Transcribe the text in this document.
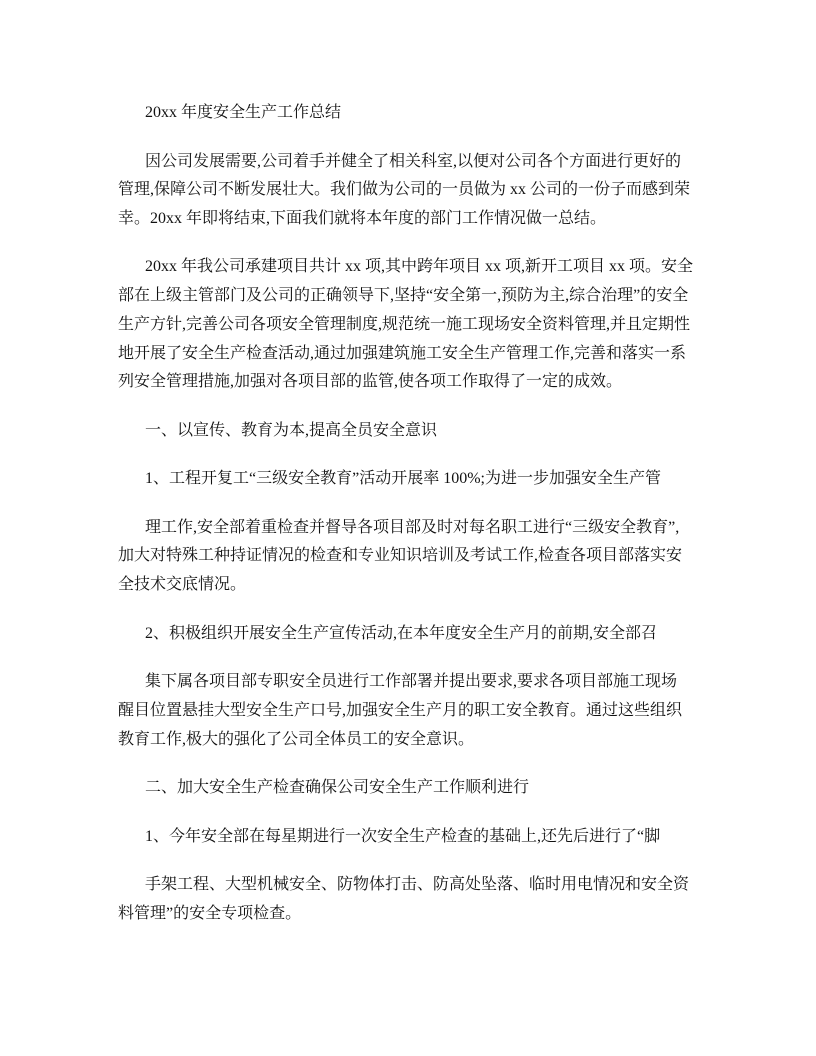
20xx 年度安全生产工作总结
因公司发展需要,公司着手并健全了相关科室,以便对公司各个方面进行更好的
管理,保障公司不断发展壮大。我们做为公司的一员做为 xx 公司的一份子而感到荣
幸。20xx 年即将结束,下面我们就将本年度的部门工作情况做一总结。
20xx 年我公司承建项目共计 xx 项,其中跨年项目 xx 项,新开工项目 xx 项。安全
部在上级主管部门及公司的正确领导下,坚持“安全第一,预防为主,综合治理”的安全
生产方针,完善公司各项安全管理制度,规范统一施工现场安全资料管理,并且定期性
地开展了安全生产检查活动,通过加强建筑施工安全生产管理工作,完善和落实一系
列安全管理措施,加强对各项目部的监管,使各项工作取得了一定的成效。
一、以宣传、教育为本,提高全员安全意识
1、工程开复工“三级安全教育”活动开展率 100%;为进一步加强安全生产管
理工作,安全部着重检查并督导各项目部及时对每名职工进行“三级安全教育”,
加大对特殊工种持证情况的检查和专业知识培训及考试工作,检查各项目部落实安
全技术交底情况。
2、积极组织开展安全生产宣传活动,在本年度安全生产月的前期,安全部召
集下属各项目部专职安全员进行工作部署并提出要求,要求各项目部施工现场
醒目位置悬挂大型安全生产口号,加强安全生产月的职工安全教育。通过这些组织
教育工作,极大的强化了公司全体员工的安全意识。
二、加大安全生产检查确保公司安全生产工作顺利进行
1、今年安全部在每星期进行一次安全生产检查的基础上,还先后进行了“脚
手架工程、大型机械安全、防物体打击、防高处坠落、临时用电情况和安全资
料管理”的安全专项检查。
